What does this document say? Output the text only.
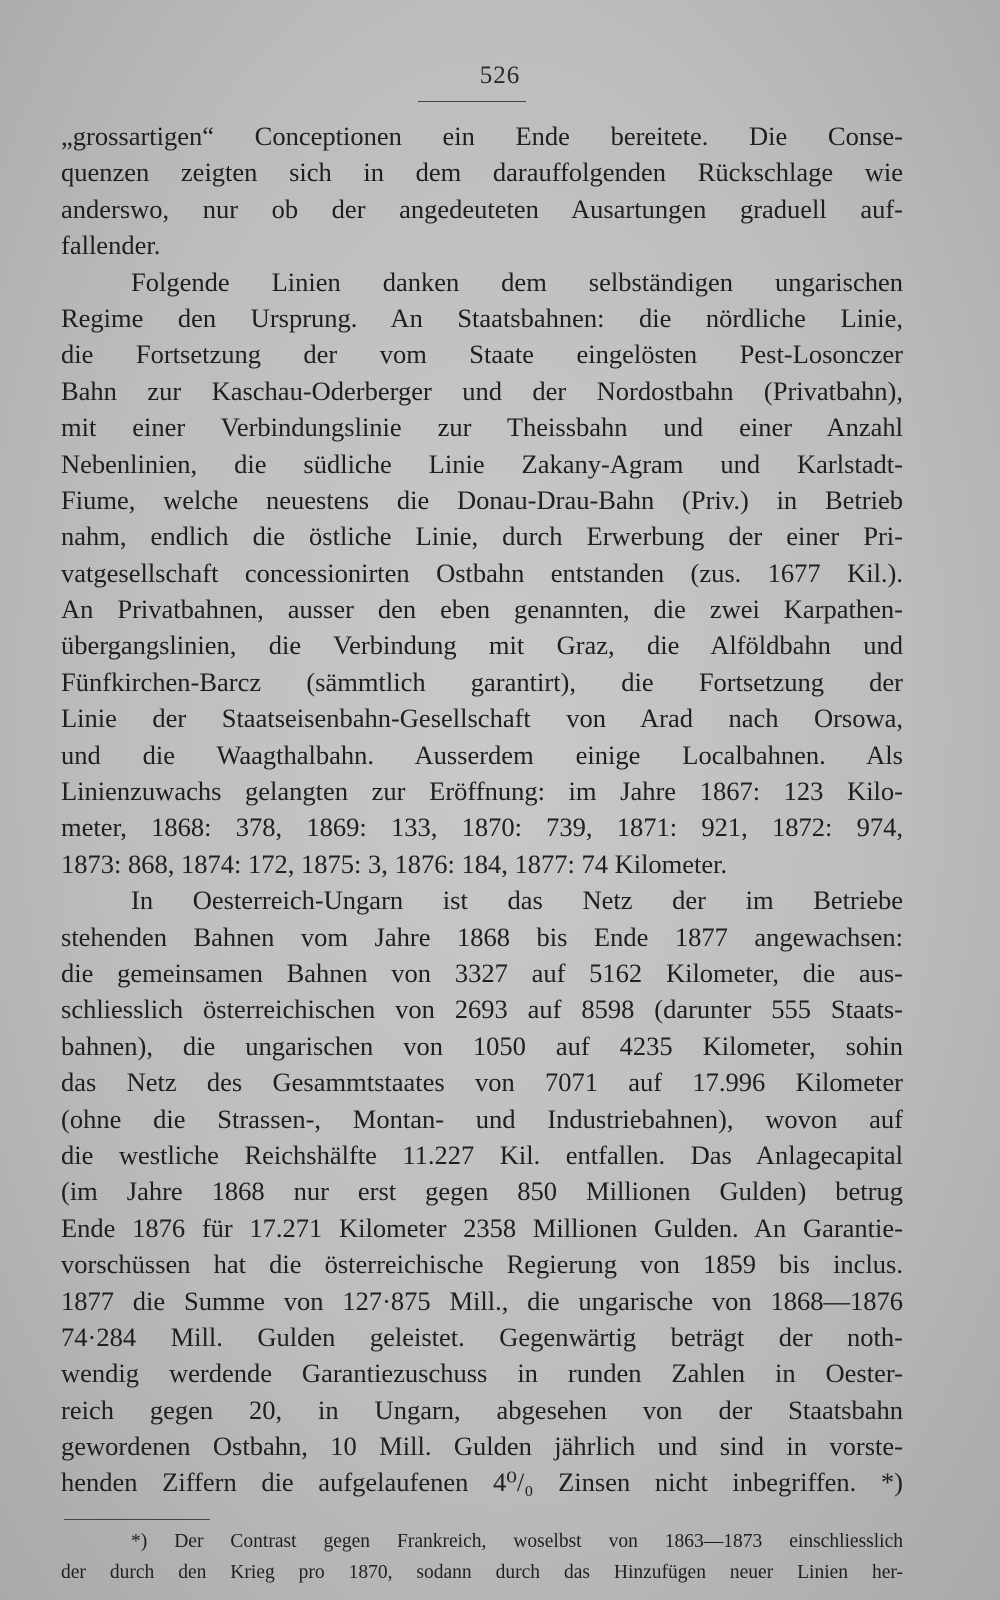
526
„grossartigen“ Conceptionen ein Ende bereitete. Die Conse-
quenzen zeigten sich in dem darauffolgenden Rückschlage wie
anderswo, nur ob der angedeuteten Ausartungen graduell auf-
fallender.
Folgende Linien danken dem selbständigen ungarischen
Regime den Ursprung. An Staatsbahnen: die nördliche Linie,
die Fortsetzung der vom Staate eingelösten Pest-Losonczer
Bahn zur Kaschau-Oderberger und der Nordostbahn (Privatbahn),
mit einer Verbindungslinie zur Theissbahn und einer Anzahl
Nebenlinien, die südliche Linie Zakany-Agram und Karlstadt-
Fiume, welche neuestens die Donau-Drau-Bahn (Priv.) in Betrieb
nahm, endlich die östliche Linie, durch Erwerbung der einer Pri-
vatgesellschaft concessionirten Ostbahn entstanden (zus. 1677 Kil.).
An Privatbahnen, ausser den eben genannten, die zwei Karpathen-
übergangslinien, die Verbindung mit Graz, die Alföldbahn und
Fünfkirchen-Barcz (sämmtlich garantirt), die Fortsetzung der
Linie der Staatseisenbahn-Gesellschaft von Arad nach Orsowa,
und die Waagthalbahn. Ausserdem einige Localbahnen. Als
Linienzuwachs gelangten zur Eröffnung: im Jahre 1867: 123 Kilo-
meter, 1868: 378, 1869: 133, 1870: 739, 1871: 921, 1872: 974,
1873: 868, 1874: 172, 1875: 3, 1876: 184, 1877: 74 Kilometer.
In Oesterreich-Ungarn ist das Netz der im Betriebe
stehenden Bahnen vom Jahre 1868 bis Ende 1877 angewachsen:
die gemeinsamen Bahnen von 3327 auf 5162 Kilometer, die aus-
schliesslich österreichischen von 2693 auf 8598 (darunter 555 Staats-
bahnen), die ungarischen von 1050 auf 4235 Kilometer, sohin
das Netz des Gesammtstaates von 7071 auf 17.996 Kilometer
(ohne die Strassen-, Montan- und Industriebahnen), wovon auf
die westliche Reichshälfte 11.227 Kil. entfallen. Das Anlagecapital
(im Jahre 1868 nur erst gegen 850 Millionen Gulden) betrug
Ende 1876 für 17.271 Kilometer 2358 Millionen Gulden. An Garantie-
vorschüssen hat die österreichische Regierung von 1859 bis inclus.
1877 die Summe von 127·875 Mill., die ungarische von 1868—1876
74·284 Mill. Gulden geleistet. Gegenwärtig beträgt der noth-
wendig werdende Garantiezuschuss in runden Zahlen in Oester-
reich gegen 20, in Ungarn, abgesehen von der Staatsbahn
gewordenen Ostbahn, 10 Mill. Gulden jährlich und sind in vorste-
henden Ziffern die aufgelaufenen 4⁰/₀ Zinsen nicht inbegriffen. *)
*) Der Contrast gegen Frankreich, woselbst von 1863—1873 einschliesslich
der durch den Krieg pro 1870, sodann durch das Hinzufügen neuer Linien her-
